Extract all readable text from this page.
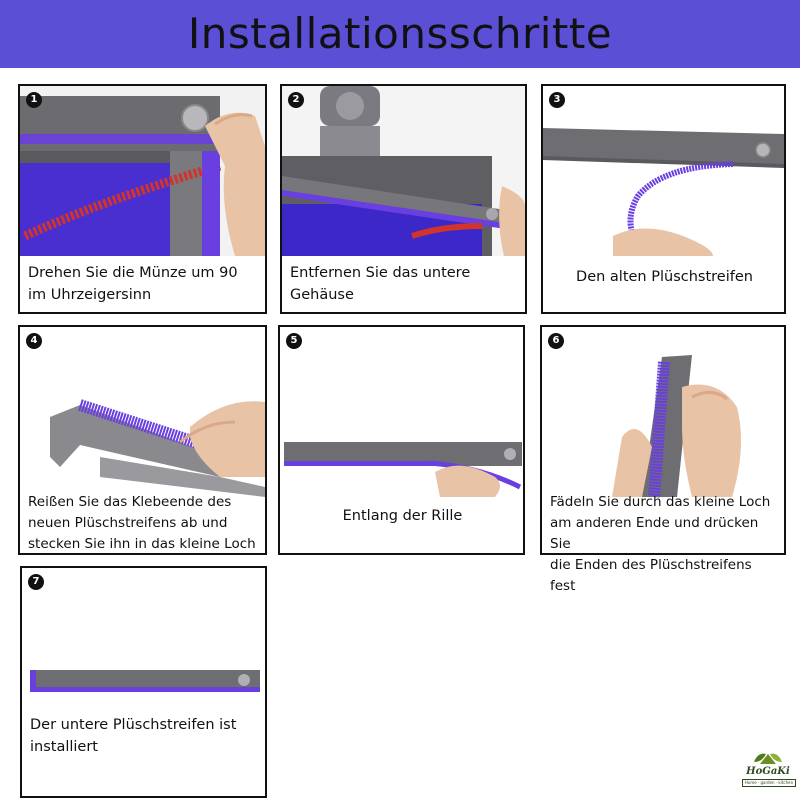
Installationsschritte
1
Drehen Sie die Münze um 90
im Uhrzeigersinn
2
Entfernen Sie das untere
Gehäuse
3
Den alten Plüschstreifen
4
Reißen Sie das Klebeende des
neuen Plüschstreifens ab und
stecken Sie ihn in das kleine Loch
5
Entlang der Rille
6
Fädeln Sie durch das kleine Loch
am anderen Ende und drücken Sie
die Enden des Plüschstreifens fest
7
Der untere Plüschstreifen ist
installiert
HoGaKi
Home · garden · kitchen
